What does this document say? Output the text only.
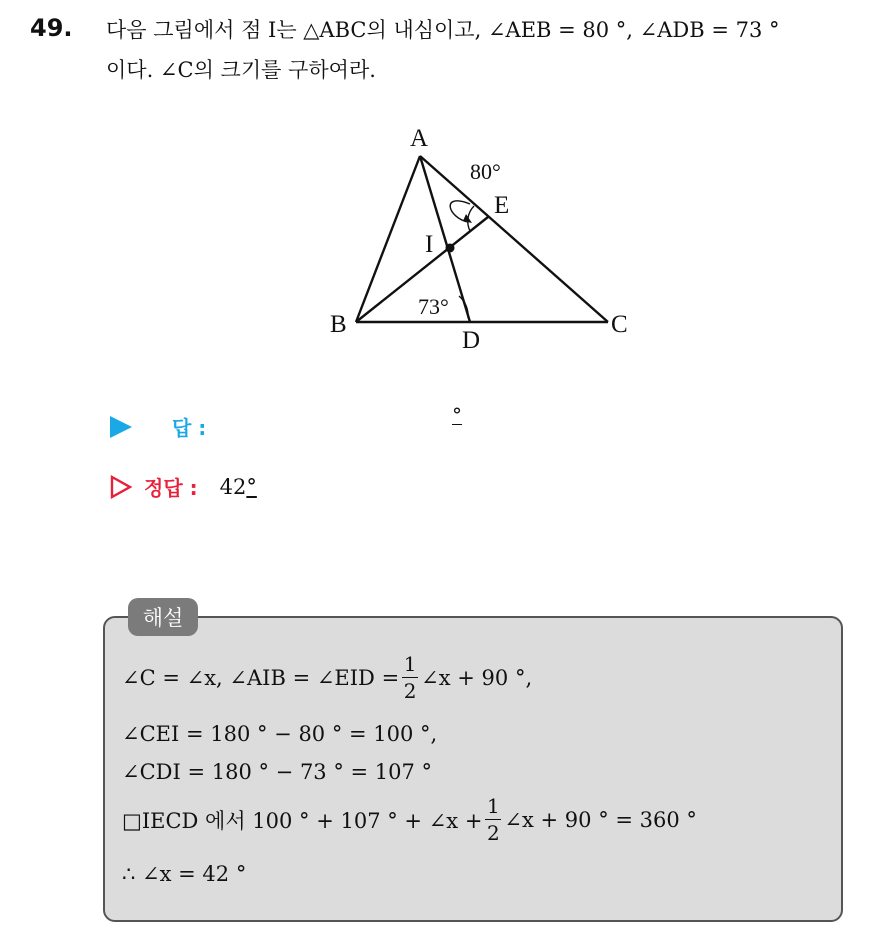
49. 다음 그림에서 점 I는 △ABC의 내심이고, ∠AEB = 80 °, ∠ADB = 73 °
이다. ∠C의 크기를 구하여라.
A
B	C
D
E
I
80°
73°
답 :
°
정답 : 42°
해설
∠C = ∠x, ∠AIB = ∠EID = $\frac{1}{2}$ ∠x + 90 °,
∠CEI = 180 ° − 80 ° = 100 °,
∠CDI = 180 ° − 73 ° = 107 °
□IECD 에서 100 ° + 107 ° + ∠x + $\frac{1}{2}$ ∠x + 90 ° = 360 °
∴ ∠x = 42 °
